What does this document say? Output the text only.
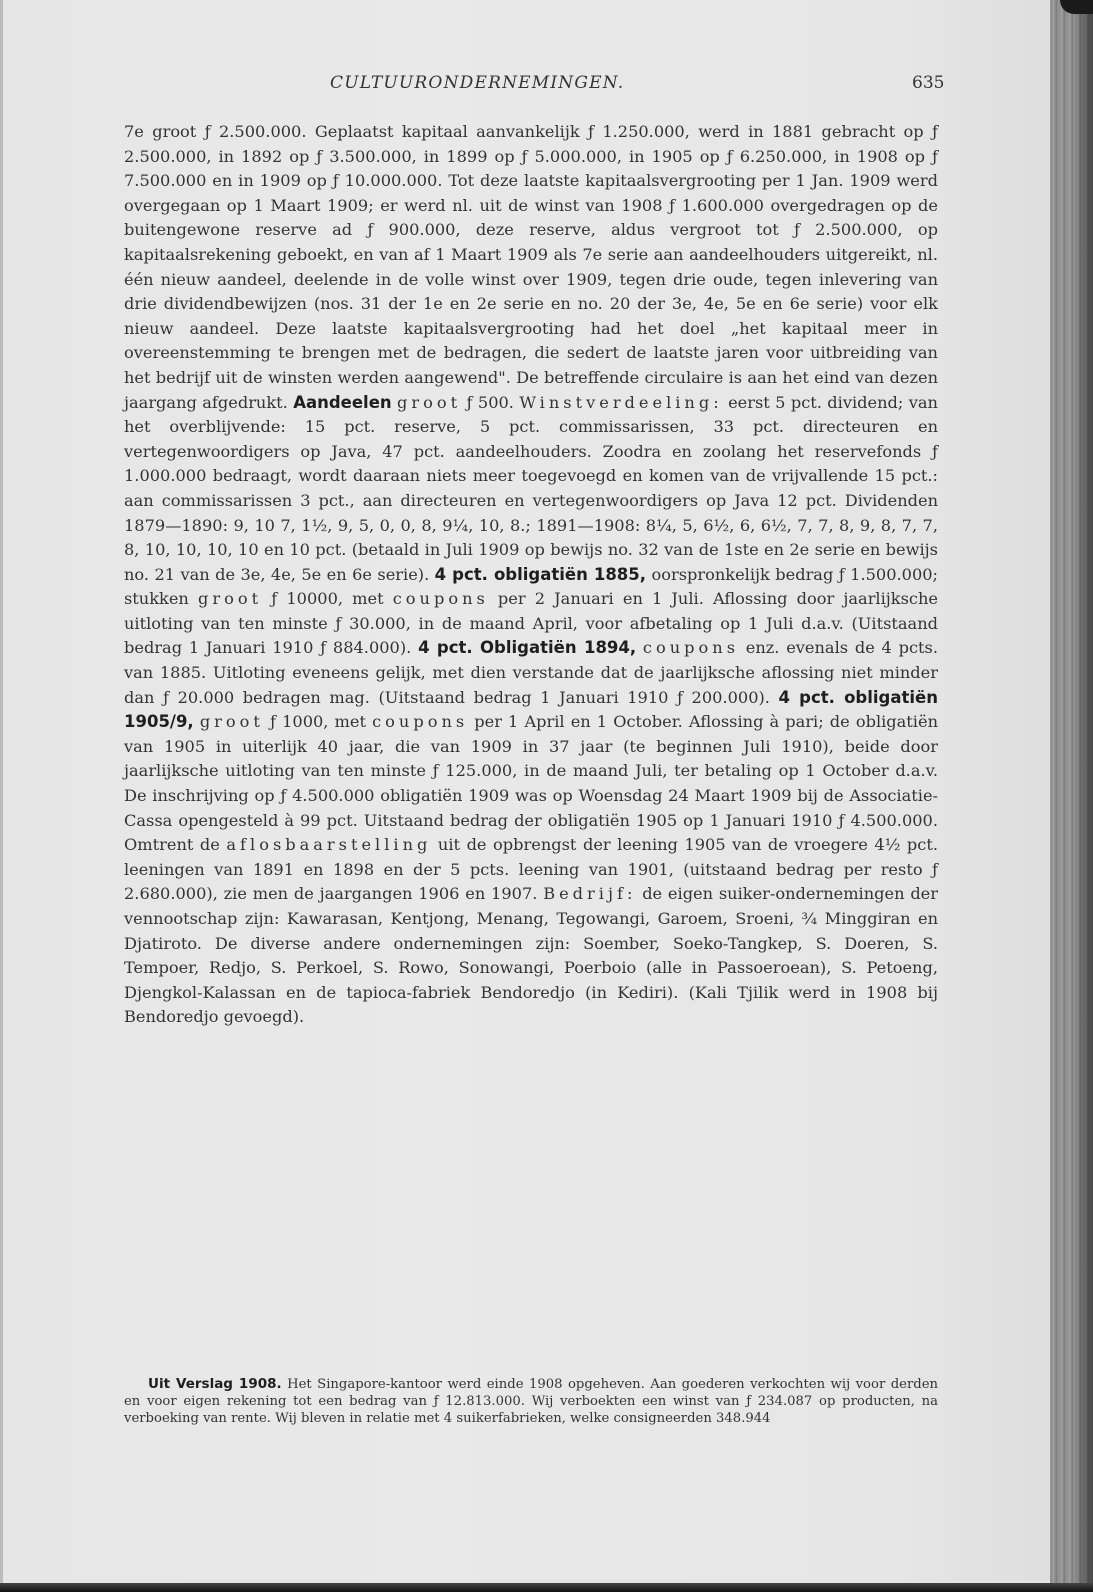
CULTUURONDERNEMINGEN.	635

7e groot ƒ 2.500.000. Geplaatst kapitaal aanvankelijk ƒ 1.250.000, werd in 1881 gebracht op ƒ 2.500.000, in 1892 op ƒ 3.500.000, in 1899 op ƒ 5.000.000, in 1905 op ƒ 6.250.000, in 1908 op ƒ 7.500.000 en in 1909 op ƒ 10.000.000. Tot deze laatste kapitaalsvergrooting per 1 Jan. 1909 werd overgegaan op 1 Maart 1909; er werd nl. uit de winst van 1908 ƒ 1.600.000 overgedragen op de buitengewone reserve ad ƒ 900.000, deze reserve, aldus vergroot tot ƒ 2.500.000, op kapitaalsrekening geboekt, en van af 1 Maart 1909 als 7e serie aan aandeelhouders uitgereikt, nl. één nieuw aandeel, deelende in de volle winst over 1909, tegen drie oude, tegen inlevering van drie dividendbewijzen (nos. 31 der 1e en 2e serie en no. 20 der 3e, 4e, 5e en 6e serie) voor elk nieuw aandeel. Deze laatste kapitaalsvergrooting had het doel „het kapitaal meer in overeenstemming te brengen met de bedragen, die sedert de laatste jaren voor uitbreiding van het bedrijf uit de winsten werden aangewend". De betreffende circulaire is aan het eind van dezen jaargang afgedrukt. Aandeelen groot ƒ 500. Winstverdeeling: eerst 5 pct. dividend; van het overblijvende: 15 pct. reserve, 5 pct. commissarissen, 33 pct. directeuren en vertegenwoordigers op Java, 47 pct. aandeelhouders. Zoodra en zoolang het reservefonds ƒ 1.000.000 bedraagt, wordt daaraan niets meer toegevoegd en komen van de vrijvallende 15 pct.: aan commissarissen 3 pct., aan directeuren en vertegenwoordigers op Java 12 pct. Dividenden 1879—1890: 9, 10 7, 1½, 9, 5, 0, 0, 8, 9¼, 10, 8.; 1891—1908: 8¼, 5, 6½, 6, 6½, 7, 7, 8, 9, 8, 7, 7, 8, 10, 10, 10, 10 en 10 pct. (betaald in Juli 1909 op bewijs no. 32 van de 1ste en 2e serie en bewijs no. 21 van de 3e, 4e, 5e en 6e serie). 4 pct. obligatiën 1885, oorspronkelijk bedrag ƒ 1.500.000; stukken groot ƒ 10000, met coupons per 2 Januari en 1 Juli. Aflossing door jaarlijksche uitloting van ten minste ƒ 30.000, in de maand April, voor afbetaling op 1 Juli d.a.v. (Uitstaand bedrag 1 Januari 1910 ƒ 884.000). 4 pct. Obligatiën 1894, coupons enz. evenals de 4 pcts. van 1885. Uitloting eveneens gelijk, met dien verstande dat de jaarlijksche aflossing niet minder dan ƒ 20.000 bedragen mag. (Uitstaand bedrag 1 Januari 1910 ƒ 200.000). 4 pct. obligatiën 1905/9, groot ƒ 1000, met coupons per 1 April en 1 October. Aflossing à pari; de obligatiën van 1905 in uiterlijk 40 jaar, die van 1909 in 37 jaar (te beginnen Juli 1910), beide door jaarlijksche uitloting van ten minste ƒ 125.000, in de maand Juli, ter betaling op 1 October d.a.v. De inschrijving op ƒ 4.500.000 obligatiën 1909 was op Woensdag 24 Maart 1909 bij de Associatie-Cassa opengesteld à 99 pct. Uitstaand bedrag der obligatiën 1905 op 1 Januari 1910 ƒ 4.500.000. Omtrent de aflosbaarstelling uit de opbrengst der leening 1905 van de vroegere 4½ pct. leeningen van 1891 en 1898 en der 5 pcts. leening van 1901, (uitstaand bedrag per resto ƒ 2.680.000), zie men de jaargangen 1906 en 1907. Bedrijf: de eigen suiker-ondernemingen der vennootschap zijn: Kawarasan, Kentjong, Menang, Tegowangi, Garoem, Sroeni, ¾ Minggiran en Djatiroto. De diverse andere ondernemingen zijn: Soember, Soeko-Tangkep, S. Doeren, S. Tempoer, Redjo, S. Perkoel, S. Rowo, Sonowangi, Poerboio (alle in Passoeroean), S. Petoeng, Djengkol-Kalassan en de tapioca-fabriek Bendoredjo (in Kediri). (Kali Tjilik werd in 1908 bij Bendoredjo gevoegd).

Uit Verslag 1908. Het Singapore-kantoor werd einde 1908 opgeheven. Aan goederen verkochten wij voor derden en voor eigen rekening tot een bedrag van ƒ 12.813.000. Wij verboekten een winst van ƒ 234.087 op producten, na verboeking van rente. Wij bleven in relatie met 4 suikerfabrieken, welke consigneerden 348.944
